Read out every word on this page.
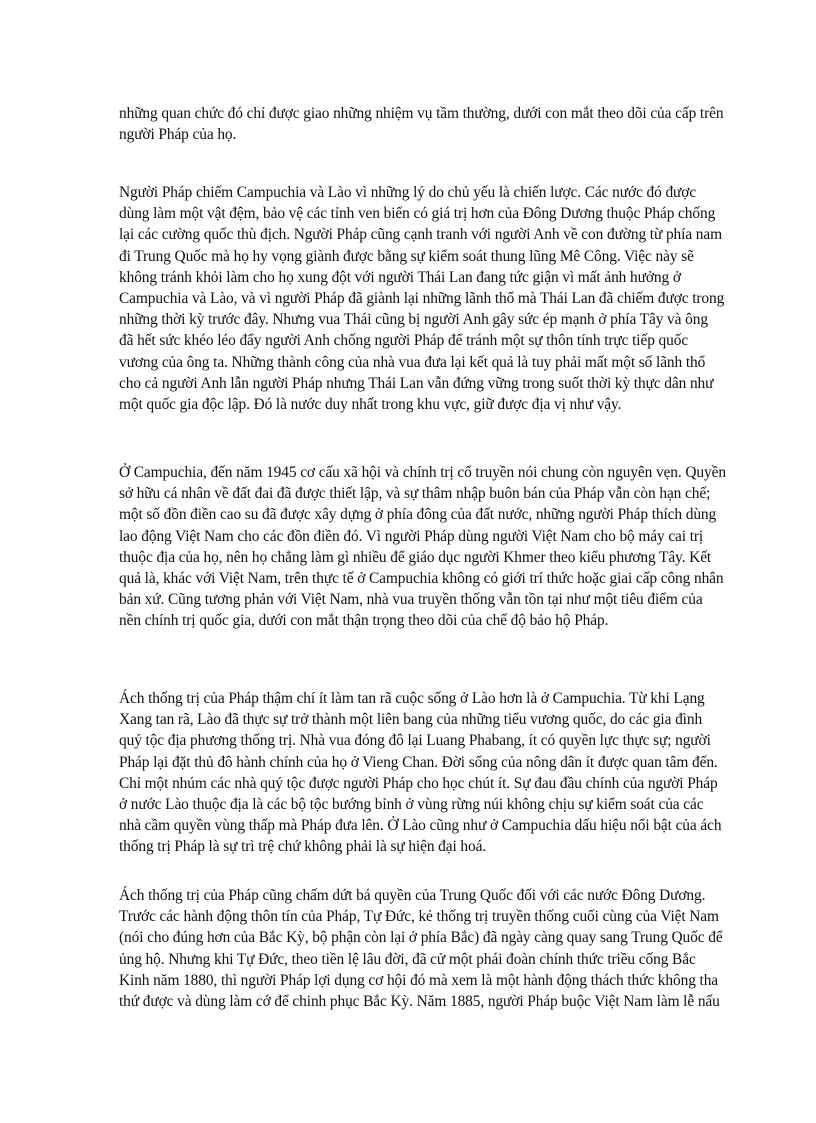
những quan chức đó chỉ được giao những nhiệm vụ tầm thường, dưới con mắt theo dõi của cấp trên
người Pháp của họ.
Người Pháp chiếm Campuchia và Lào vì những lý do chủ yếu là chiến lược. Các nước đó được
dùng làm một vật đệm, bảo vệ các tỉnh ven biển có giá trị hơn của Đông Dương thuộc Pháp chống
lại các cường quốc thù địch. Người Pháp cũng cạnh tranh với người Anh về con đường từ phía nam
đi Trung Quốc mà họ hy vọng giành được bằng sự kiểm soát thung lũng Mê Công. Việc này sẽ
không tránh khỏi làm cho họ xung đột với người Thái Lan đang tức giận vì mất ảnh hưởng ở
Campuchia và Lào, và vì người Pháp đã giành lại những lãnh thổ mà Thái Lan đã chiếm được trong
những thời kỳ trước đây. Nhưng vua Thái cũng bị người Anh gây sức ép mạnh ở phía Tây và ông
đã hết sức khéo léo đẩy người Anh chống người Pháp để tránh một sự thôn tính trực tiếp quốc
vương của ông ta. Những thành công của nhà vua đưa lại kết quả là tuy phải mất một số lãnh thổ
cho cả người Anh lẫn người Pháp nhưng Thái Lan vẫn đứng vững trong suốt thời kỳ thực dân như
một quốc gia độc lập. Đó là nước duy nhất trong khu vực, giữ được địa vị như vậy.
Ở Campuchia, đến năm 1945 cơ cấu xã hội và chính trị cổ truyền nói chung còn nguyên vẹn. Quyền
sở hữu cá nhân về đất đai đã được thiết lập, và sự thâm nhập buôn bán của Pháp vẫn còn hạn chế;
một số đồn điền cao su đã được xây dựng ở phía đông của đất nước, những người Pháp thích dùng
lao động Việt Nam cho các đồn điền đó. Vì người Pháp dùng người Việt Nam cho bộ máy cai trị
thuộc địa của họ, nên họ chẳng làm gì nhiều để giáo dục người Khmer theo kiểu phương Tây. Kết
quả là, khác với Việt Nam, trên thực tế ở Campuchia không có giới trí thức hoặc giai cấp công nhân
bản xứ. Cũng tương phản với Việt Nam, nhà vua truyền thống vẫn tồn tại như một tiêu điểm của
nền chính trị quốc gia, dưới con mắt thận trọng theo dõi của chế độ bảo hộ Pháp.
Ách thống trị của Pháp thậm chí ít làm tan rã cuộc sống ở Lào hơn là ở Campuchia. Từ khi Lạng
Xang tan rã, Lào đã thực sự trở thành một liên bang của những tiểu vương quốc, do các gia đình
quý tộc địa phương thống trị. Nhà vua đóng đô lại Luang Phabang, ít có quyền lực thực sự; người
Pháp lại đặt thủ đô hành chính của họ ở Vieng Chan. Đời sống của nông dân ít được quan tâm đến.
Chỉ một nhúm các nhà quý tộc được người Pháp cho học chút ít. Sự đau đầu chính của người Pháp
ở nước Lào thuộc địa là các bộ tộc bướng bỉnh ở vùng rừng núi không chịu sự kiểm soát của các
nhà cầm quyền vùng thấp mà Pháp đưa lên. Ở Lào cũng như ở Campuchia dấu hiệu nổi bật của ách
thống trị Pháp là sự trì trệ chứ không phải là sự hiện đại hoá.
Ách thống trị của Pháp cũng chấm dứt bá quyền của Trung Quốc đối với các nước Đông Dương.
Trước các hành động thôn tín của Pháp, Tự Đức, kẻ thống trị truyền thống cuối cùng của Việt Nam
(nói cho đúng hơn của Bắc Kỳ, bộ phận còn lại ở phía Bắc) đã ngày càng quay sang Trung Quốc để
ủng hộ. Nhưng khi Tự Đức, theo tiền lệ lâu đời, đã cử một phái đoàn chính thức triều cống Bắc
Kinh năm 1880, thì người Pháp lợi dụng cơ hội đó mà xem là một hành động thách thức không tha
thứ được và dùng làm cớ để chinh phục Bắc Kỳ. Năm 1885, người Pháp buộc Việt Nam làm lễ nấu
